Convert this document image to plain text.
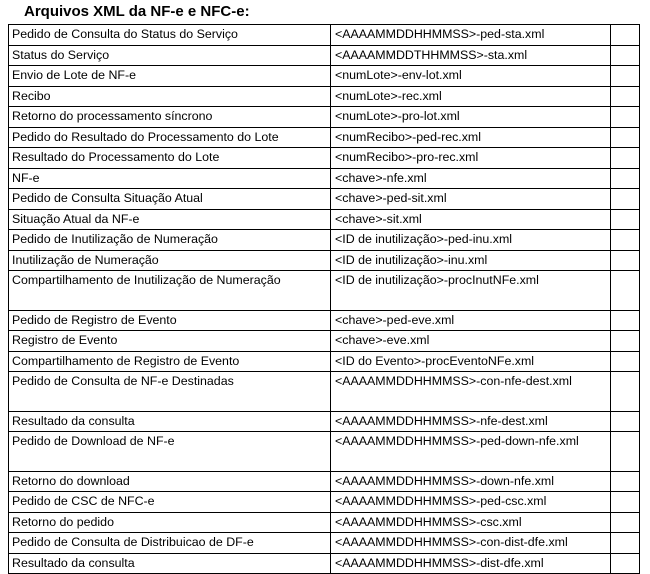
Arquivos XML da NF-e e NFC-e:
Pedido de Consulta do Status do Serviço	<AAAAMMDDHHMMSS>-ped-sta.xml	
Status do Serviço	<AAAAMMDDTHHMMSS>-sta.xml	
Envio de Lote de NF-e	<numLote>-env-lot.xml	
Recibo	<numLote>-rec.xml	
Retorno do processamento síncrono	<numLote>-pro-lot.xml	
Pedido do Resultado do Processamento do Lote	<numRecibo>-ped-rec.xml	
Resultado do Processamento do Lote	<numRecibo>-pro-rec.xml	
NF-e	<chave>-nfe.xml	
Pedido de Consulta Situação Atual	<chave>-ped-sit.xml	
Situação Atual da NF-e	<chave>-sit.xml	
Pedido de Inutilização de Numeração	<ID de inutilização>-ped-inu.xml	
Inutilização de Numeração	<ID de inutilização>-inu.xml	
Compartilhamento de Inutilização de Numeração	<ID de inutilização>-procInutNFe.xml	
Pedido de Registro de Evento	<chave>-ped-eve.xml	
Registro de Evento	<chave>-eve.xml	
Compartilhamento de Registro de Evento	<ID do Evento>-procEventoNFe.xml	
Pedido de Consulta de NF-e Destinadas	<AAAAMMDDHHMMSS>-con-nfe-dest.xml	
Resultado da consulta	<AAAAMMDDHHMMSS>-nfe-dest.xml	
Pedido de Download de NF-e	<AAAAMMDDHHMMSS>-ped-down-nfe.xml	
Retorno do download	<AAAAMMDDHHMMSS>-down-nfe.xml	
Pedido de CSC de NFC-e	<AAAAMMDDHHMMSS>-ped-csc.xml	
Retorno do pedido	<AAAAMMDDHHMMSS>-csc.xml	
Pedido de Consulta de Distribuicao de DF-e	<AAAAMMDDHHMMSS>-con-dist-dfe.xml	
Resultado da consulta	<AAAAMMDDHHMMSS>-dist-dfe.xml	
